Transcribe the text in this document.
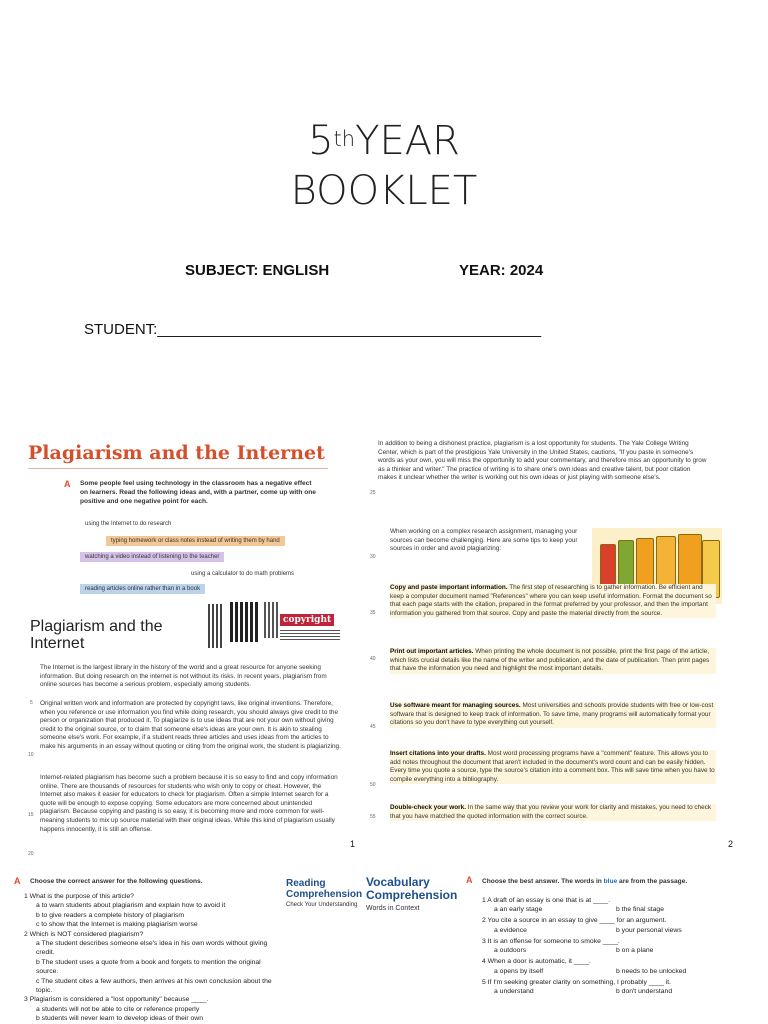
5thYEAR
BOOKLET
SUBJECT: ENGLISH	YEAR: 2024
STUDENT:______________________________________________
Plagiarism and the Internet
A Some people feel using technology in the classroom has a negative effect on learners. Read the following ideas and, with a partner, come up with one positive and one negative point for each.
using the Internet to do research
typing homework or class notes instead of writing them by hand
watching a video instead of listening to the teacher
using a calculator to do math problems
reading articles online rather than in a book
Plagiarism and the
Internet
copyright
The Internet is the largest library in the history of the world and a great resource for anyone seeking information. But doing research on the internet is not without its risks. In recent years, plagiarism from online sources has become a serious problem, especially among students.
Original written work and information are protected by copyright laws, like original inventions. Therefore, when you reference or use information you find while doing research, you should always give credit to the person or organization that produced it. To plagiarize is to use ideas that are not your own without giving credit to the original source, or to claim that someone else's ideas are your own. It is akin to stealing someone else's work. For example, if a student reads three articles and uses ideas from the articles to make his arguments in an essay without quoting or citing from the original work, the student is plagiarizing.
Internet-related plagiarism has become such a problem because it is so easy to find and copy information online. There are thousands of resources for students who wish only to copy or cheat. However, the Internet also makes it easier for educators to check for plagiarism. Often a simple Internet search for a quote will be enough to expose copying. Some educators are more concerned about unintended plagiarism. Because copying and pasting is so easy, it is becoming more and more common for well-meaning students to mix up source material with their original ideas. While this kind of plagiarism usually happens innocently, it is still an offense.
5
10
15
20
1
In addition to being a dishonest practice, plagiarism is a lost opportunity for students. The Yale College Writing Center, which is part of the prestigious Yale University in the United States, cautions, "If you paste in someone's words as your own, you will miss the opportunity to add your commentary, and therefore miss an opportunity to grow as a thinker and writer." The practice of writing is to share one's own ideas and creative talent, but poor citation makes it unclear whether the writer is working out his own ideas or just playing with someone else's.
When working on a complex research assignment, managing your sources can become challenging. Here are some tips to keep your sources in order and avoid plagiarizing:
25
30
35
40
45
50
55
Copy and paste important information. The first step of researching is to gather information. Be efficient and keep a computer document named "References" where you can keep useful information. Format the document so that each page starts with the citation, prepared in the format preferred by your professor, and then the important information you gathered from that source. Copy and paste the material directly from the source.
Print out important articles. When printing the whole document is not possible, print the first page of the article, which lists crucial details like the name of the writer and publication, and the date of publication. Then print pages that have the information you need and highlight the most important details.
Use software meant for managing sources. Most universities and schools provide students with free or low-cost software that is designed to keep track of information. To save time, many programs will automatically format your citations so you don't have to type everything out yourself.
Insert citations into your drafts. Most word processing programs have a "comment" feature. This allows you to add notes throughout the document that aren't included in the document's word count and can be easily hidden. Every time you quote a source, type the source's citation into a comment box. This will save time when you have to compile everything into a bibliography.
Double-check your work. In the same way that you review your work for clarity and mistakes, you need to check that you have matched the quoted information with the correct source.
2
A Choose the correct answer for the following questions.
1 What is the purpose of this article?
a to warn students about plagiarism and explain how to avoid it
b to give readers a complete history of plagiarism
c to show that the Internet is making plagiarism worse
2 Which is NOT considered plagiarism?
a The student describes someone else's idea in his own words without giving credit.
b The student uses a quote from a book and forgets to mention the original source.
c The student cites a few authors, then arrives at his own conclusion about the topic.
3 Plagiarism is considered a "lost opportunity" because ____.
a students will not be able to cite or reference properly
b students will never learn to develop ideas of their own
Reading
Comprehension
Check Your Understanding
Vocabulary
Comprehension
Words in Context
A Choose the best answer. The words in blue are from the passage.
1 A draft of an essay is one that is at ____.
a an early stage	b the final stage
2 You cite a source in an essay to give ____ for an argument.
a evidence	b your personal views
3 It is an offense for someone to smoke ____.
a outdoors	b on a plane
4 When a door is automatic, it ____.
a opens by itself	b needs to be unlocked
5 If I'm seeking greater clarity on something, I probably ____ it.
a understand	b don't understand
